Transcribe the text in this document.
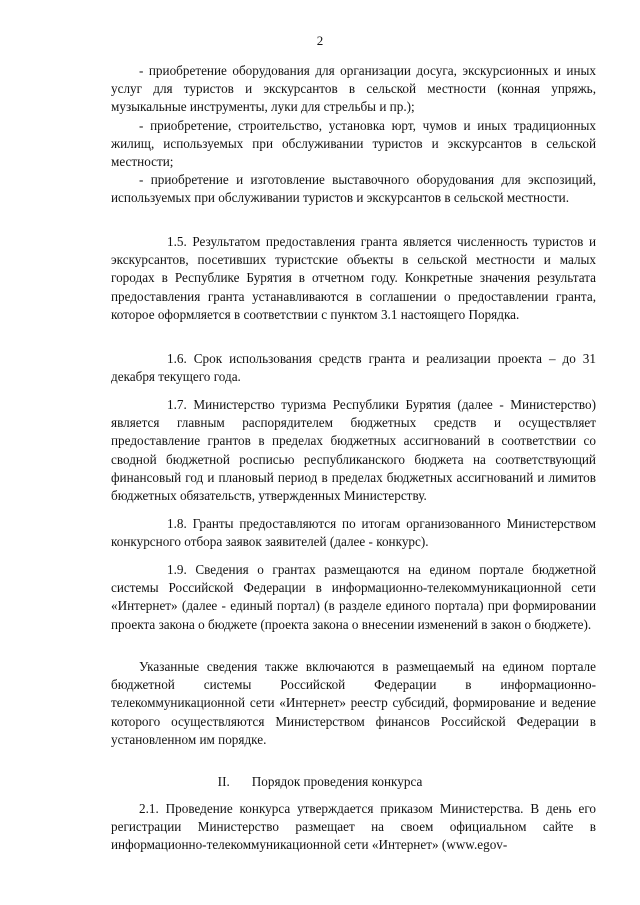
2

- приобретение оборудования для организации досуга, экскурсионных и иных услуг для туристов и экскурсантов в сельской местности (конная упряжь, музыкальные инструменты, луки для стрельбы и пр.);

- приобретение, строительство, установка юрт, чумов и иных традиционных жилищ, используемых при обслуживании туристов и экскурсантов в сельской местности;

- приобретение и изготовление выставочного оборудования для экспозиций, используемых при обслуживании туристов и экскурсантов в сельской местности.

1.5. Результатом предоставления гранта является численность туристов и экскурсантов, посетивших туристские объекты в сельской местности и малых городах в Республике Бурятия в отчетном году. Конкретные значения результата предоставления гранта устанавливаются в соглашении о предоставлении гранта, которое оформляется в соответствии с пунктом 3.1 настоящего Порядка.

1.6. Срок использования средств гранта и реализации проекта – до 31 декабря текущего года.

1.7. Министерство туризма Республики Бурятия (далее - Министерство) является главным распорядителем бюджетных средств и осуществляет предоставление грантов в пределах бюджетных ассигнований в соответствии со сводной бюджетной росписью республиканского бюджета на соответствующий финансовый год и плановый период в пределах бюджетных ассигнований и лимитов бюджетных обязательств, утвержденных Министерству.

1.8. Гранты предоставляются по итогам организованного Министерством конкурсного отбора заявок заявителей (далее - конкурс).

1.9. Сведения о грантах размещаются на едином портале бюджетной системы Российской Федерации в информационно-телекоммуникационной сети «Интернет» (далее - единый портал) (в разделе единого портала) при формировании проекта закона о бюджете (проекта закона о внесении изменений в закон о бюджете).

Указанные сведения также включаются в размещаемый на едином портале бюджетной системы Российской Федерации в информационно-телекоммуникационной сети «Интернет» реестр субсидий, формирование и ведение которого осуществляются Министерством финансов Российской Федерации в установленном им порядке.

II. Порядок проведения конкурса

2.1. Проведение конкурса утверждается приказом Министерства. В день его регистрации Министерство размещает на своем официальном сайте в информационно-телекоммуникационной сети «Интернет» (www.egov-
